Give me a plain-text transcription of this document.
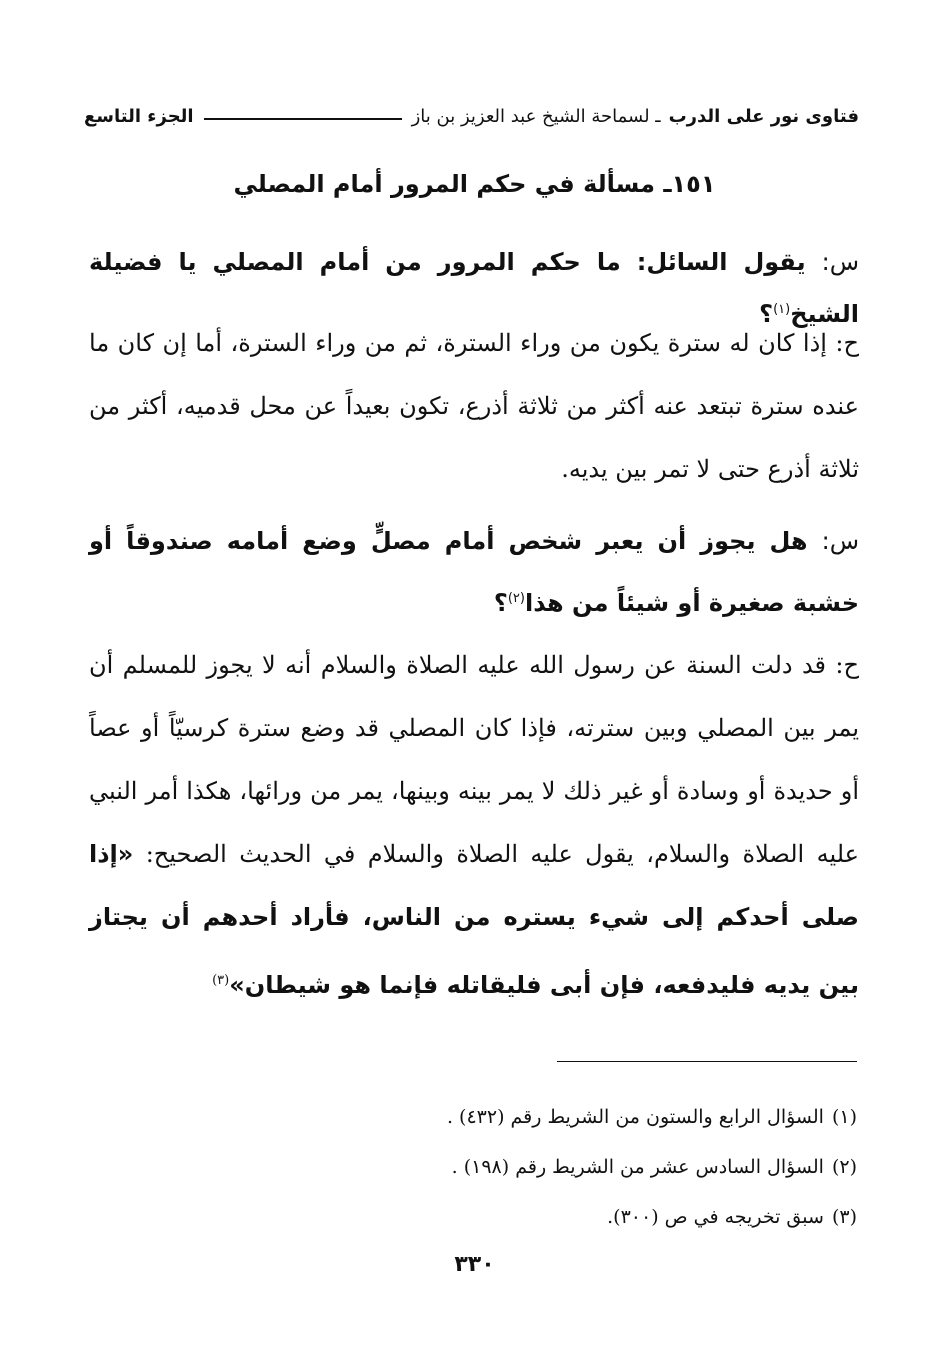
فتاوى نور على الدرب
ـ لسماحة الشيخ عبد العزيز بن باز
الجزء التاسع
١٥١ـ مسألة في حكم المرور أمام المصلي
س: يقول السائل: ما حكم المرور من أمام المصلي يا فضيلة الشيخ$^{(١)}$؟
ح: إذا كان له سترة يكون من وراء السترة، ثم من وراء السترة، أما إن كان ما عنده سترة تبتعد عنه أكثر من ثلاثة أذرع، تكون بعيداً عن محل قدميه، أكثر من ثلاثة أذرع حتى لا تمر بين يديه.
س: هل يجوز أن يعبر شخص أمام مصلٍّ وضع أمامه صندوقاً أو خشبة صغيرة أو شيئاً من هذا$^{(٢)}$؟
ح: قد دلت السنة عن رسول الله عليه الصلاة والسلام أنه لا يجوز للمسلم أن يمر بين المصلي وبين سترته، فإذا كان المصلي قد وضع سترة كرسيّاً أو عصاً أو حديدة أو وسادة أو غير ذلك لا يمر بينه وبينها، يمر من ورائها، هكذا أمر النبي عليه الصلاة والسلام، يقول عليه الصلاة والسلام في الحديث الصحيح: «إذا صلى أحدكم إلى شيء يستره من الناس، فأراد أحدهم أن يجتاز بين يديه فليدفعه، فإن أبى فليقاتله فإنما هو شيطان»$^{(٣)}$
(١)السؤال الرابع والستون من الشريط رقم (٤٣٢) .
(٢)السؤال السادس عشر من الشريط رقم (١٩٨) .
(٣)سبق تخريجه في ص (٣٠٠).
٣٣٠
